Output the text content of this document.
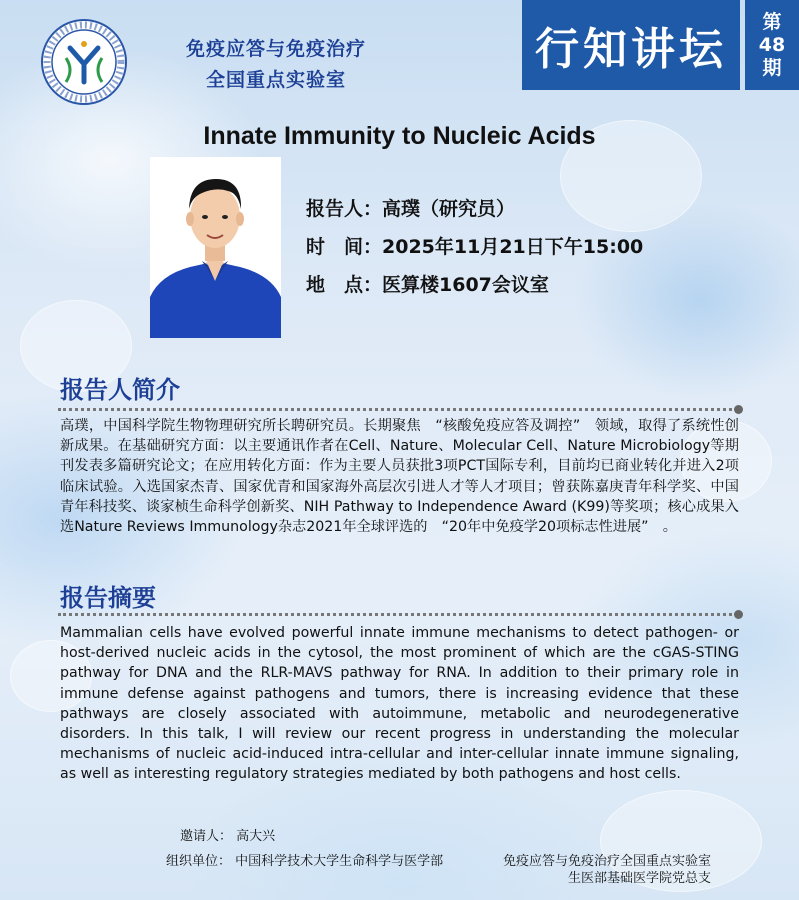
免疫应答与免疫治疗
全国重点实验室
行知讲坛
第
48
期
Innate Immunity to Nucleic Acids
报告人：高璞（研究员）
时　间：2025年11月21日下午15:00
地　点：医算楼1607会议室
报告人简介
高璞，中国科学院生物物理研究所长聘研究员。长期聚焦　“核酸免疫应答及调控”　领域，取得了系统性创新成果。在基础研究方面：以主要通讯作者在Cell、Nature、Molecular Cell、Nature Microbiology等期刊发表多篇研究论文；在应用转化方面：作为主要人员获批3项PCT国际专利，目前均已商业转化并进入2项临床试验。入选国家杰青、国家优青和国家海外高层次引进人才等人才项目；曾获陈嘉庚青年科学奖、中国青年科技奖、谈家桢生命科学创新奖、NIH Pathway to Independence Award (K99)等奖项；核心成果入选Nature Reviews Immunology杂志2021年全球评选的　“20年中免疫学20项标志性进展”　。
报告摘要
Mammalian cells have evolved powerful innate immune mechanisms to detect pathogen- or host-derived nucleic acids in the cytosol, the most prominent of which are the cGAS-STING pathway for DNA and the RLR-MAVS pathway for RNA. In addition to their primary role in immune defense against pathogens and tumors, there is increasing evidence that these pathways are closely associated with autoimmune, metabolic and neurodegenerative disorders. In this talk, I will review our recent progress in understanding the molecular mechanisms of nucleic acid-induced intra-cellular and inter-cellular innate immune signaling, as well as interesting regulatory strategies mediated by both pathogens and host cells.
邀请人： 高大兴
组织单位： 中国科学技术大学生命科学与医学部	免疫应答与免疫治疗全国重点实验室
生医部基础医学院党总支
